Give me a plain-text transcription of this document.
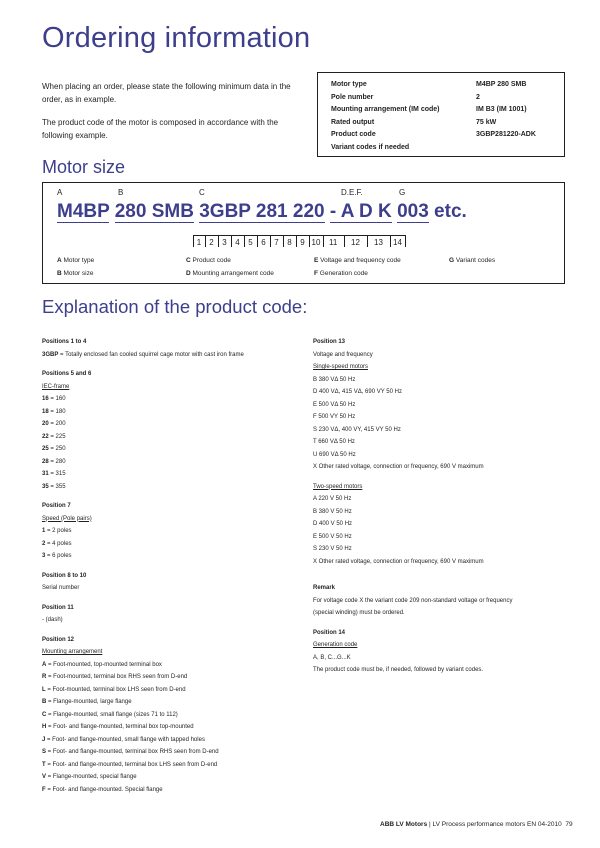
Ordering information
When placing an order, please state the following minimum data in the order, as in example.
The product code of the motor is composed in accordance with the following example.
Motor type	M4BP 280 SMB
Pole number	2
Mounting arrangement (IM code)	IM B3 (IM 1001)
Rated output	75 kW
Product code	3GBP281220-ADK
Variant codes if needed
Motor size
A	B	C	D.E.F.	G
M4BP 280 SMB 3GBP 281 220 - A D K 003 etc.
1 2 3 4 5 6 7 8 9 10 11 12 13 14
A Motor type
B Motor size
C Product code
D Mounting arrangement code
E Voltage and frequency code
F Generation code
G Variant codes
Explanation of the product code:
Positions 1 to 4
3GBP = Totally enclosed fan cooled squirrel cage motor with cast iron frame
Positions 5 and 6
IEC-frame
16 = 160
18 = 180
20 = 200
22 = 225
25 = 250
28 = 280
31 = 315
35 = 355
Position 7
Speed (Pole pairs)
1 = 2 poles
2 = 4 poles
3 = 6 poles
Position 8 to 10
Serial number
Position 11
- (dash)
Position 12
Mounting arrangement
A = Foot-mounted, top-mounted terminal box
R = Foot-mounted, terminal box RHS seen from D-end
L = Foot-mounted, terminal box LHS seen from D-end
B = Flange-mounted, large flange
C = Flange-mounted, small flange (sizes 71 to 112)
H = Foot- and flange-mounted, terminal box top-mounted
J = Foot- and flange-mounted, small flange with tapped holes
S = Foot- and flange-mounted, terminal box RHS seen from D-end
T = Foot- and flange-mounted, terminal box LHS seen from D-end
V = Flange-mounted, special flange
F = Foot- and flange-mounted. Special flange
Position 13
Voltage and frequency
Single-speed motors
B 380 VΔ 50 Hz
D 400 VΔ, 415 VΔ, 690 VY 50 Hz
E 500 VΔ 50 Hz
F 500 VY 50 Hz
S 230 VΔ, 400 VY, 415 VY 50 Hz
T 660 VΔ 50 Hz
U 690 VΔ 50 Hz
X Other rated voltage, connection or frequency, 690 V maximum
Two-speed motors
A 220 V 50 Hz
B 380 V 50 Hz
D 400 V 50 Hz
E 500 V 50 Hz
S 230 V 50 Hz
X Other rated voltage, connection or frequency, 690 V maximum
Remark
For voltage code X the variant code 209 non-standard voltage or frequency
(special winding) must be ordered.
Position 14
Generation code
A, B, C...G...K
The product code must be, if needed, followed by variant codes.
ABB LV Motors | LV Process performance motors EN 04-2010 79
